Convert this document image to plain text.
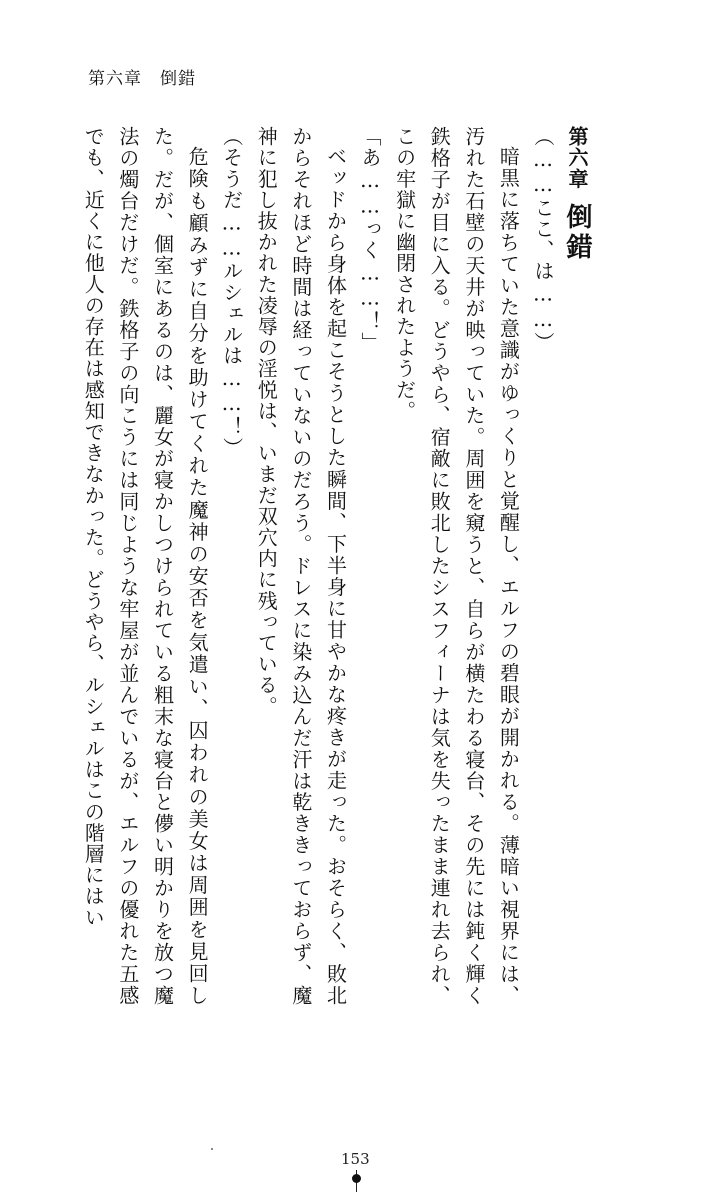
第六章 倒錯
第六章倒錯

（……ここ、は……）

暗黒に落ちていた意識がゆっくりと覚醒し、エルフの碧眼が開かれる。薄暗い視界には、汚れた石壁の天井が映っていた。周囲を窺うと、自らが横たわる寝台、その先には鈍く輝く鉄格子が目に入る。どうやら、宿敵に敗北したシスフィーナは気を失ったまま連れ去られ、この牢獄に幽閉されたようだ。

「あ……っく……！」

ベッドから身体を起こそうとした瞬間、下半身に甘やかな疼きが走った。おそらく、敗北からそれほど時間は経っていないのだろう。ドレスに染み込んだ汗は乾ききっておらず、魔神に犯し抜かれた凌辱の淫悦は、いまだ双穴内に残っている。

（そうだ……ルシェルは……！）

危険も顧みずに自分を助けてくれた魔神の安否を気遣い、囚われの美女は周囲を見回した。だが、個室にあるのは、麗女が寝かしつけられている粗末な寝台と儚い明かりを放つ魔法の燭台だけだ。鉄格子の向こうには同じような牢屋が並んでいるが、エルフの優れた五感でも、近くに他人の存在は感知できなかった。どうやら、ルシェルはこの階層にはい

153
